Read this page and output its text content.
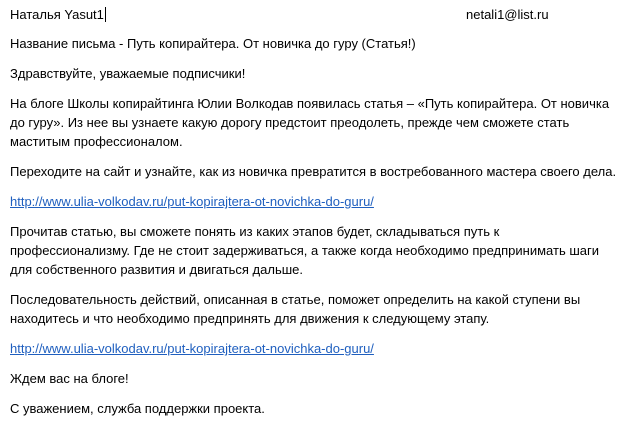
Наталья Yasut1	netali1@list.ru

Название письма - Путь копирайтера. От новичка до гуру (Статья!)

Здравствуйте, уважаемые подписчики!

На блоге Школы копирайтинга Юлии Волкодав появилась статья – «Путь копирайтера. От новичка

до гуру». Из нее вы узнаете какую дорогу предстоит преодолеть, прежде чем сможете стать

маститым профессионалом.

Переходите на сайт и узнайте, как из новичка превратится в востребованного мастера своего дела.

http://www.ulia-volkodav.ru/put-kopirajtera-ot-novichka-do-guru/

Прочитав статью, вы сможете понять из каких этапов будет, складываться путь к

профессионализму. Где не стоит задерживаться, а также когда необходимо предпринимать шаги

для собственного развития и двигаться дальше.

Последовательность действий, описанная в статье, поможет определить на какой ступени вы

находитесь и что необходимо предпринять для движения к следующему этапу.

http://www.ulia-volkodav.ru/put-kopirajtera-ot-novichka-do-guru/

Ждем вас на блоге!

С уважением, служба поддержки проекта.
